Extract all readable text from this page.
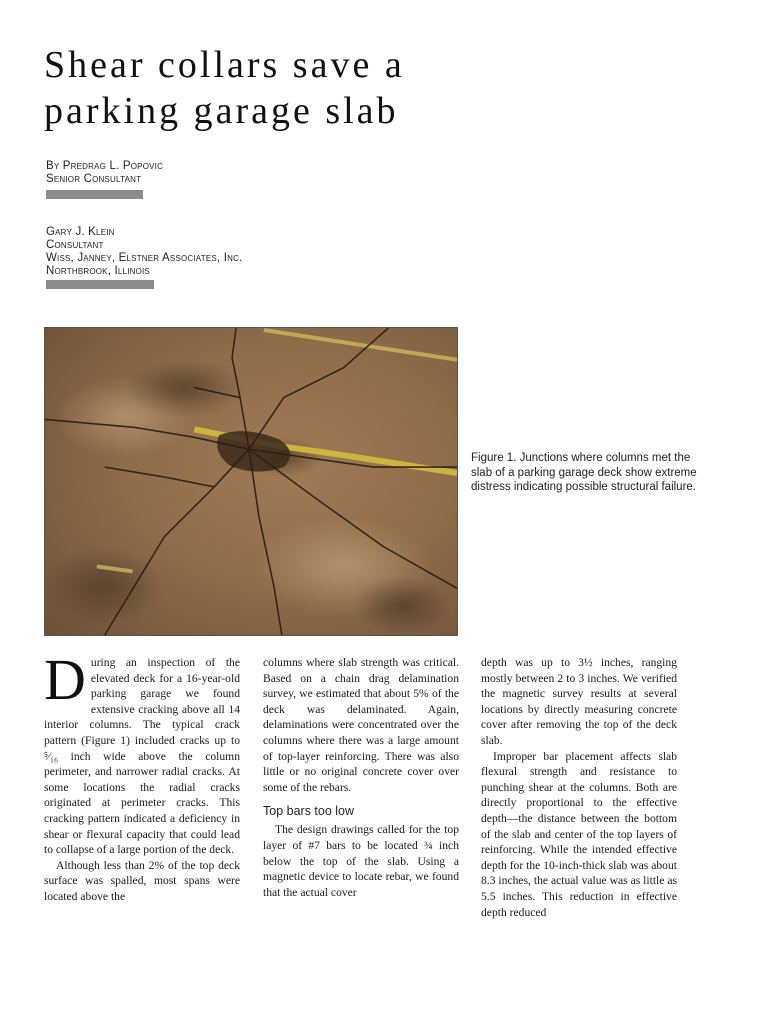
Shear collars save a
parking garage slab
By Predrag L. Popovic
Senior Consultant
Gary J. Klein
Consultant
Wiss, Janney, Elstner Associates, Inc.
Northbrook, Illinois
Figure 1. Junctions where columns met the slab of a parking garage deck show extreme distress indicating possible structural failure.

During an inspection of the elevated deck for a 16-year-old parking garage we found extensive cracking above all 14 interior columns. The typical crack pattern (Figure 1) included cracks up to ⁵⁄₁₆ inch wide above the column perimeter, and narrower radial cracks. At some locations the radial cracks originated at perimeter cracks. This cracking pattern indicated a deficiency in shear or flexural capacity that could lead to collapse of a large portion of the deck.

Although less than 2% of the top deck surface was spalled, most spans were located above the

columns where slab strength was critical. Based on a chain drag delamination survey, we estimated that about 5% of the deck was delaminated. Again, delaminations were concentrated over the columns where there was a large amount of top-layer reinforcing. There was also little or no original concrete cover over some of the rebars.

Top bars too low

The design drawings called for the top layer of #7 bars to be located ¾ inch below the top of the slab. Using a magnetic device to locate rebar, we found that the actual cover

depth was up to 3½ inches, ranging mostly between 2 to 3 inches. We verified the magnetic survey results at several locations by directly measuring concrete cover after removing the top of the deck slab.

Improper bar placement affects slab flexural strength and resistance to punching shear at the columns. Both are directly proportional to the effective depth—the distance between the bottom of the slab and center of the top layers of reinforcing. While the intended effective depth for the 10-inch-thick slab was about 8.3 inches, the actual value was as little as 5.5 inches. This reduction in effective depth reduced
